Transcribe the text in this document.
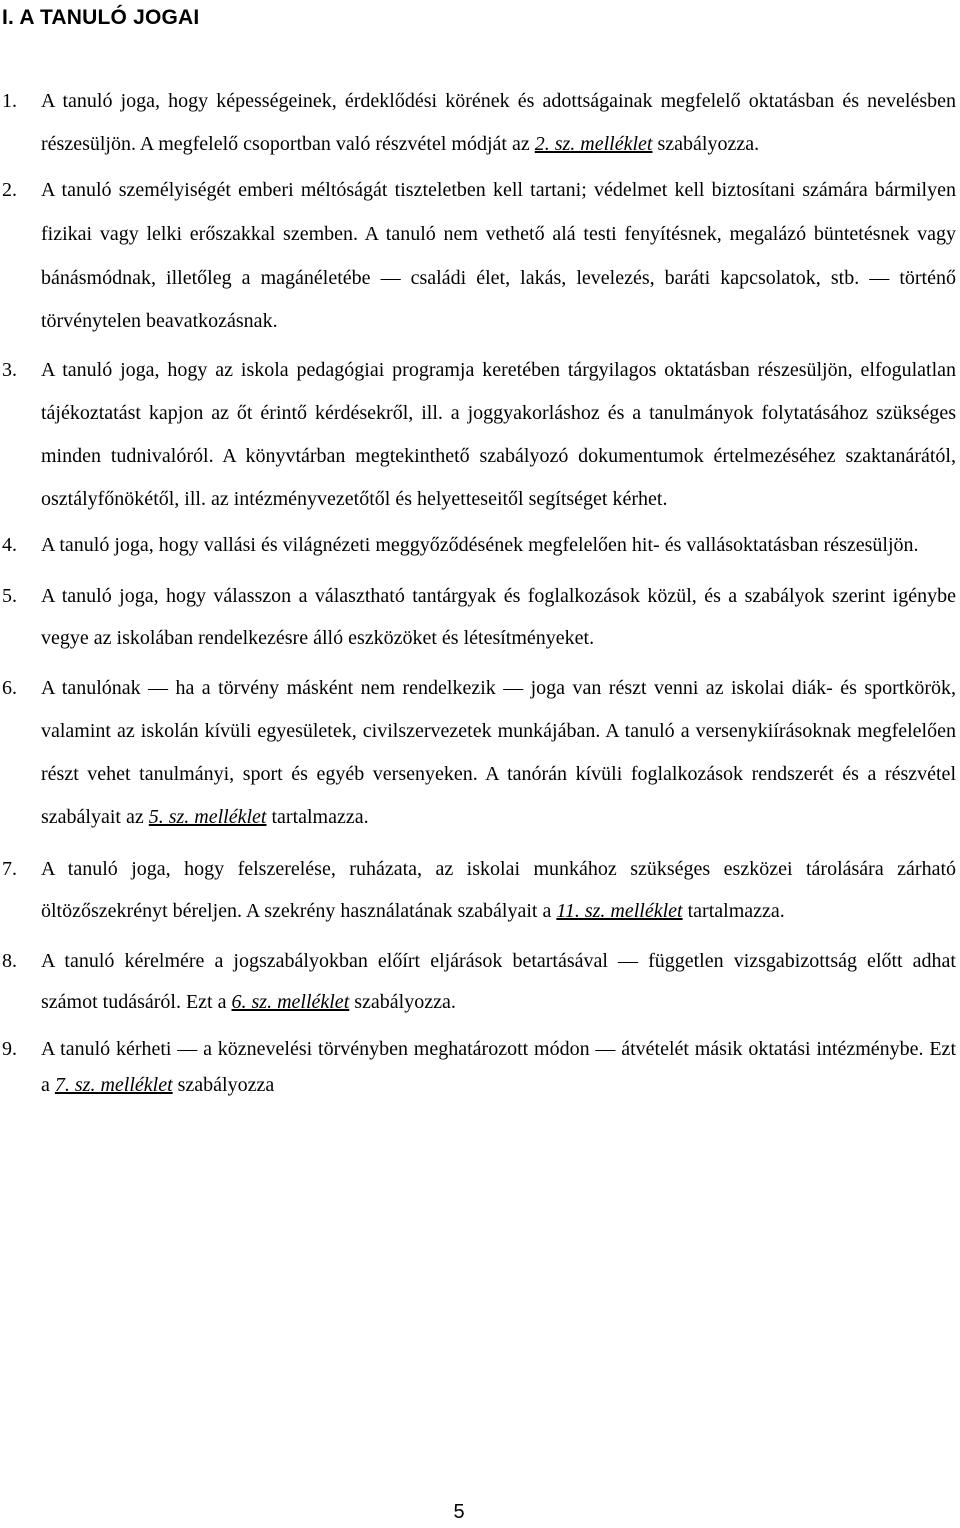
I. A TANULÓ JOGAI
1. A tanuló joga, hogy képességeinek, érdeklődési körének és adottságainak megfelelő oktatásban és nevelésben részesüljön. A megfelelő csoportban való részvétel módját az 2. sz. melléklet szabályozza.
2. A tanuló személyiségét emberi méltóságát tiszteletben kell tartani; védelmet kell biztosítani számára bármilyen fizikai vagy lelki erőszakkal szemben. A tanuló nem vethető alá testi fenyítésnek, megalázó büntetésnek vagy bánásmódnak, illetőleg a magánéletébe — családi élet, lakás, levelezés, baráti kapcsolatok, stb. — történő törvénytelen beavatkozásnak.
3. A tanuló joga, hogy az iskola pedagógiai programja keretében tárgyilagos oktatásban részesüljön, elfogulatlan tájékoztatást kapjon az őt érintő kérdésekről, ill. a joggyakorláshoz és a tanulmányok folytatásához szükséges minden tudnivalóról. A könyvtárban megtekinthető szabályozó dokumentumok értelmezéséhez szaktanárától, osztályfőnökétől, ill. az intézményvezetőtől és helyetteseitől segítséget kérhet.
4. A tanuló joga, hogy vallási és világnézeti meggyőződésének megfelelően hit- és vallásoktatásban részesüljön.
5. A tanuló joga, hogy válasszon a választható tantárgyak és foglalkozások közül, és a szabályok szerint igénybe vegye az iskolában rendelkezésre álló eszközöket és létesítményeket.
6. A tanulónak — ha a törvény másként nem rendelkezik — joga van részt venni az iskolai diák- és sportkörök, valamint az iskolán kívüli egyesületek, civilszervezetek munkájában. A tanuló a versenykiírásoknak megfelelően részt vehet tanulmányi, sport és egyéb versenyeken. A tanórán kívüli foglalkozások rendszerét és a részvétel szabályait az 5. sz. melléklet tartalmazza.
7. A tanuló joga, hogy felszerelése, ruházata, az iskolai munkához szükséges eszközei tárolására zárható öltözőszekrényt béreljen. A szekrény használatának szabályait a 11. sz. melléklet tartalmazza.
8. A tanuló kérelmére a jogszabályokban előírt eljárások betartásával — független vizsgabizottság előtt adhat számot tudásáról. Ezt a 6. sz. melléklet szabályozza.
9. A tanuló kérheti — a köznevelési törvényben meghatározott módon — átvételét másik oktatási intézménybe. Ezt a 7. sz. melléklet szabályozza
5
